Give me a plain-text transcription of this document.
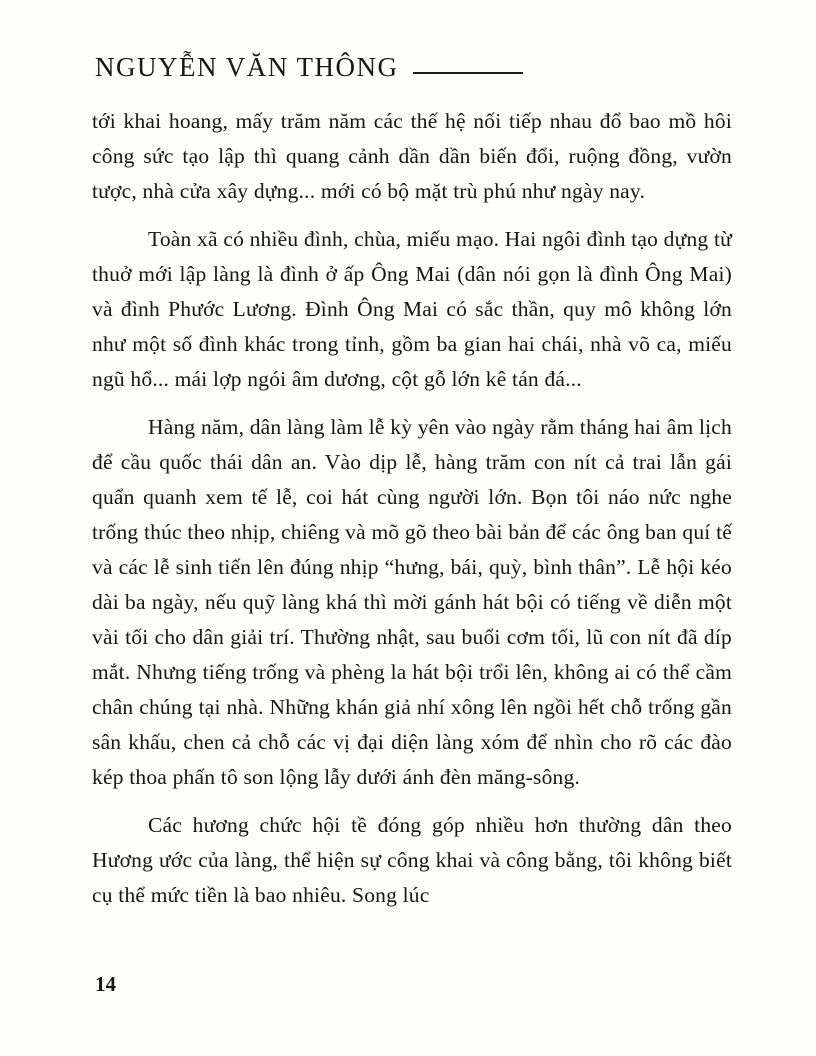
NGUYỄN VĂN THÔNG

tới khai hoang, mấy trăm năm các thế hệ nối tiếp nhau đổ bao mồ hôi công sức tạo lập thì quang cảnh dần dần biến đổi, ruộng đồng, vườn tược, nhà cửa xây dựng... mới có bộ mặt trù phú như ngày nay.

Toàn xã có nhiều đình, chùa, miếu mạo. Hai ngôi đình tạo dựng từ thuở mới lập làng là đình ở ấp Ông Mai (dân nói gọn là đình Ông Mai) và đình Phước Lương. Đình Ông Mai có sắc thần, quy mô không lớn như một số đình khác trong tỉnh, gồm ba gian hai chái, nhà võ ca, miếu ngũ hổ... mái lợp ngói âm dương, cột gỗ lớn kê tán đá...

Hàng năm, dân làng làm lễ kỳ yên vào ngày rằm tháng hai âm lịch để cầu quốc thái dân an. Vào dịp lễ, hàng trăm con nít cả trai lẫn gái quẩn quanh xem tế lễ, coi hát cùng người lớn. Bọn tôi náo nức nghe trống thúc theo nhịp, chiêng và mõ gõ theo bài bản để các ông ban quí tế và các lễ sinh tiến lên đúng nhịp “hưng, bái, quỳ, bình thân”. Lễ hội kéo dài ba ngày, nếu quỹ làng khá thì mời gánh hát bội có tiếng về diễn một vài tối cho dân giải trí. Thường nhật, sau buổi cơm tối, lũ con nít đã díp mắt. Nhưng tiếng trống và phèng la hát bội trổi lên, không ai có thể cầm chân chúng tại nhà. Những khán giả nhí xông lên ngồi hết chỗ trống gần sân khấu, chen cả chỗ các vị đại diện làng xóm để nhìn cho rõ các đào kép thoa phấn tô son lộng lẫy dưới ánh đèn măng-sông.

Các hương chức hội tề đóng góp nhiều hơn thường dân theo Hương ước của làng, thể hiện sự công khai và công bằng, tôi không biết cụ thể mức tiền là bao nhiêu. Song lúc

14
